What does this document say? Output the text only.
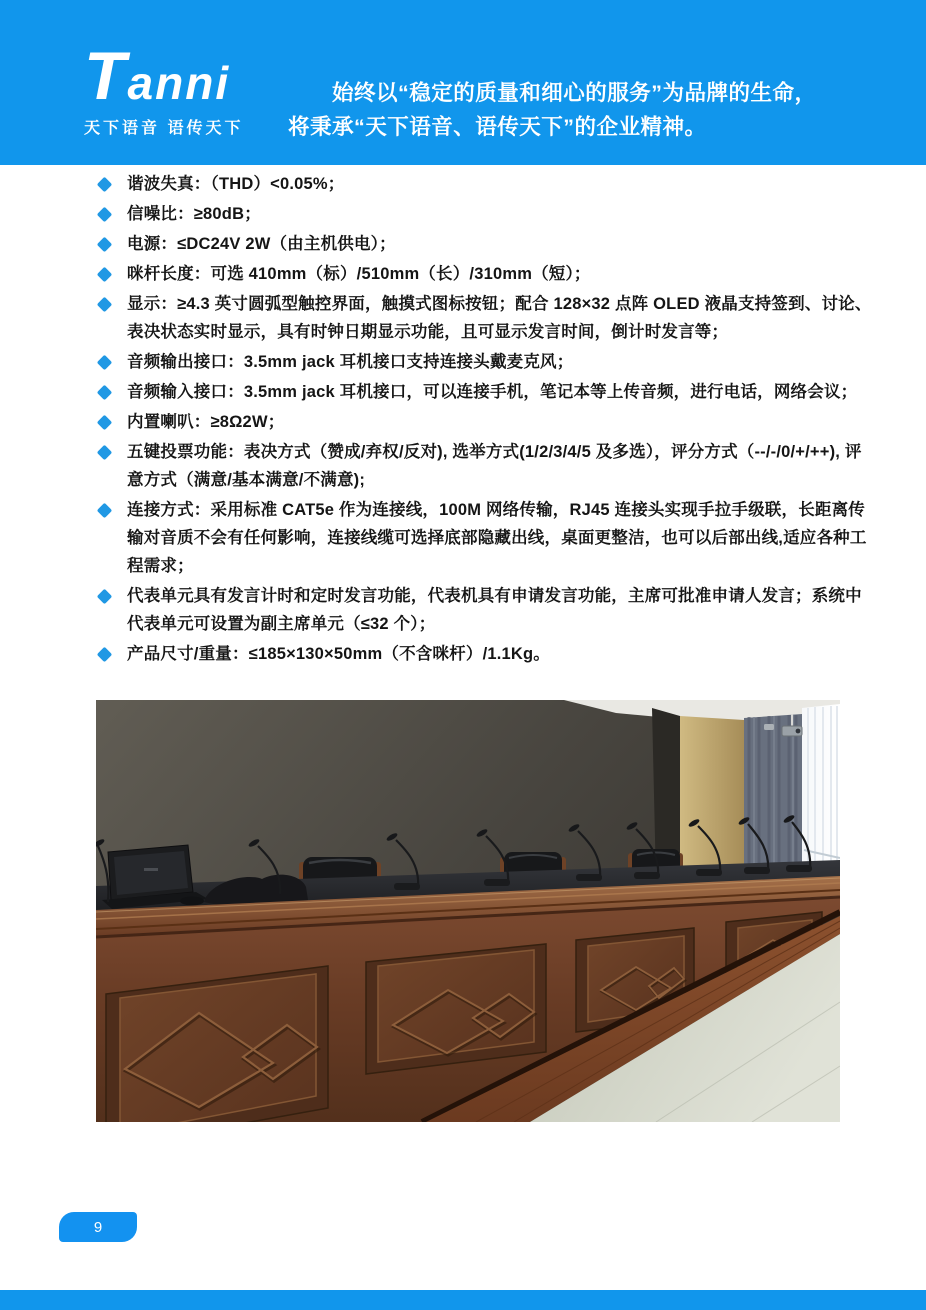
Tanni

天下语音 语传天下
始终以“稳定的质量和细心的服务”为品牌的生命，
将秉承“天下语音、语传天下”的企业精神。
谐波失真：（THD）<0.05%；
信噪比：≥80dB；
电源：≤DC24V 2W（由主机供电）；
咪杆长度：可选 410mm（标）/510mm（长）/310mm（短）；
显示：≥4.3 英寸圆弧型触控界面，触摸式图标按钮；配合 128×32 点阵 OLED 液晶支持签到、讨论、表决状态实时显示，具有时钟日期显示功能，且可显示发言时间，倒计时发言等；
音频输出接口：3.5mm jack 耳机接口支持连接头戴麦克风；
音频输入接口：3.5mm jack 耳机接口，可以连接手机，笔记本等上传音频，进行电话，网络会议；
内置喇叭：≥8Ω2W；
五键投票功能：表决方式（赞成/弃权/反对), 选举方式(1/2/3/4/5 及多选），评分方式（--/-/0/+/++), 评意方式（满意/基本满意/不满意);
连接方式：采用标准 CAT5e 作为连接线，100M 网络传输，RJ45 连接头实现手拉手级联，长距离传输对音质不会有任何影响，连接线缆可选择底部隐藏出线，桌面更整洁，也可以后部出线,适应各种工程需求；
代表单元具有发言计时和定时发言功能，代表机具有申请发言功能，主席可批准申请人发言；系统中代表单元可设置为副主席单元（≤32 个）；
产品尺寸/重量：≤185×130×50mm（不含咪杆）/1.1Kg。
9
